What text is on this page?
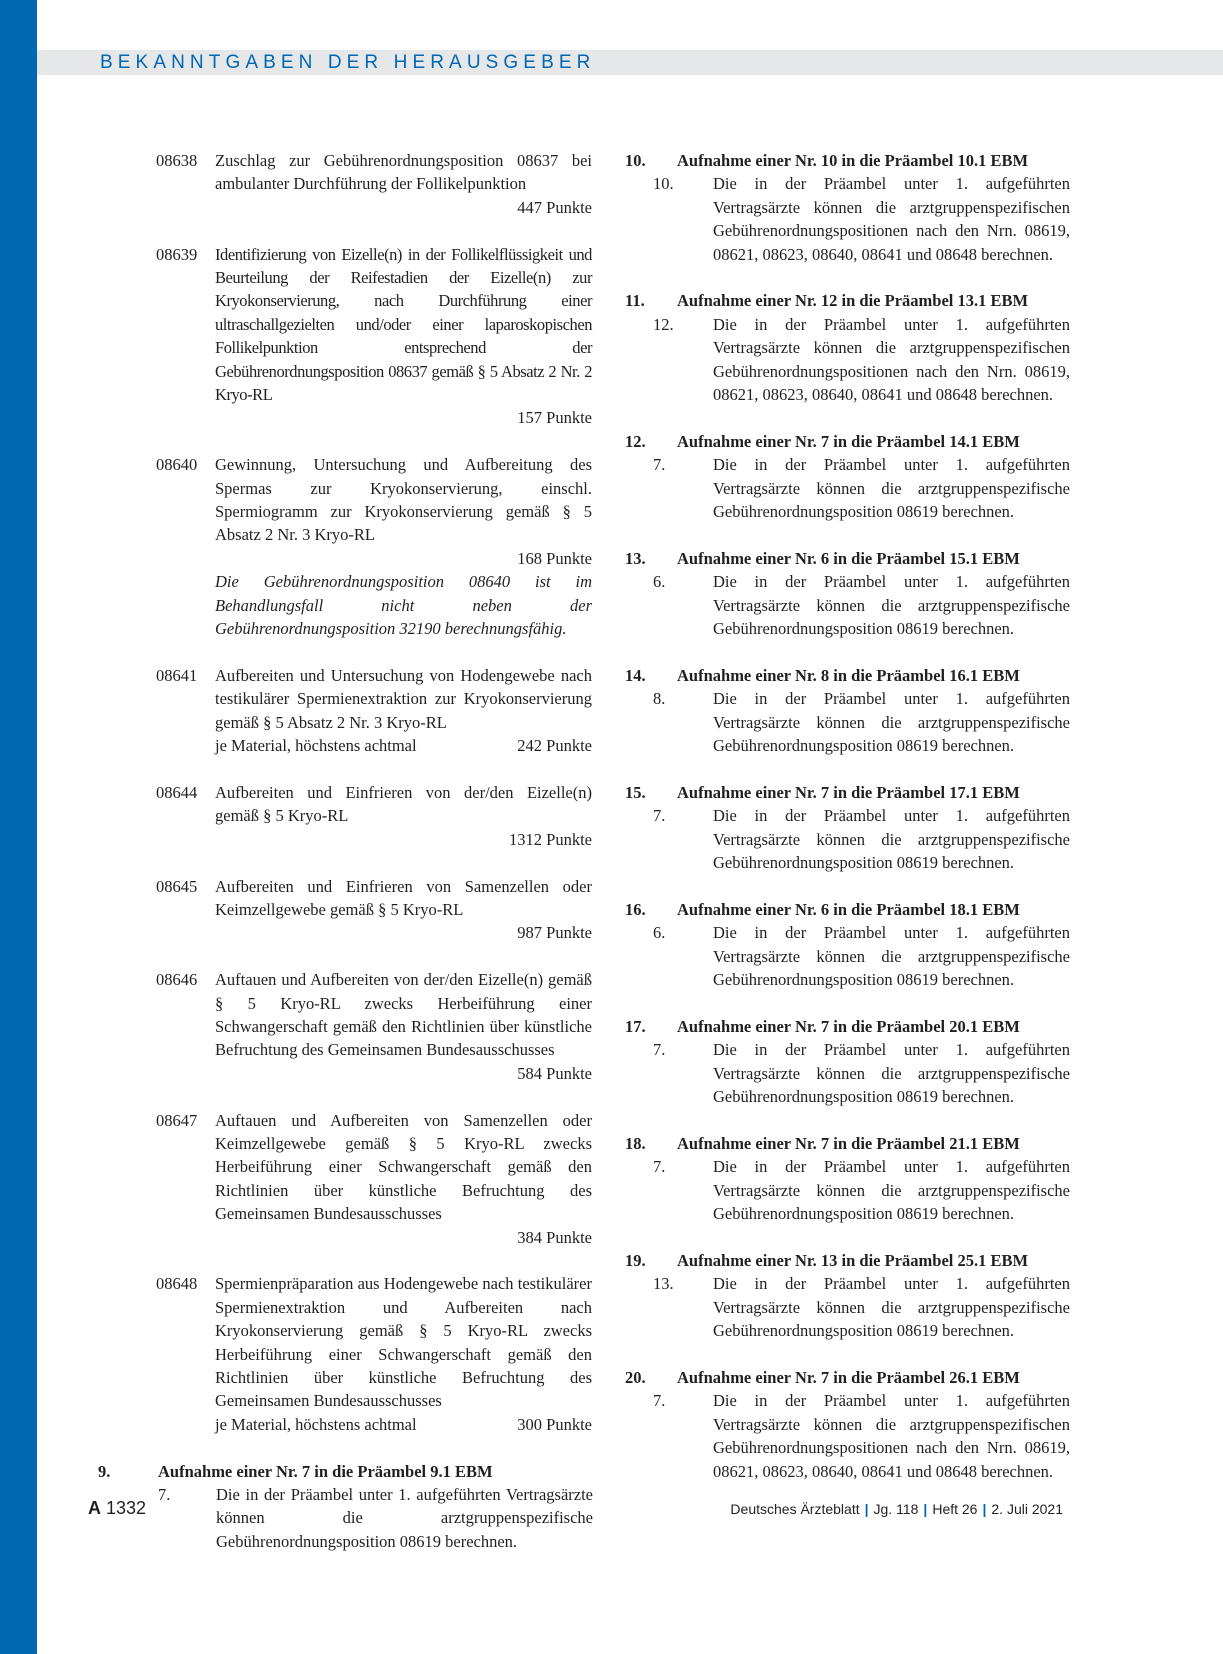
BEKANNTGABEN DER HERAUSGEBER
08638	Zuschlag zur Gebührenordnungsposition 08637 bei ambulanter Durchführung der Follikelpunktion
447 Punkte
08639	Identifizierung von Eizelle(n) in der Follikelflüssigkeit und Beurteilung der Reifestadien der Eizelle(n) zur Kryokonservierung, nach Durchführung einer ultraschallgezielten und/oder einer laparoskopischen Follikelpunktion entsprechend der Gebührenordnungsposition 08637 gemäß § 5 Absatz 2 Nr. 2 Kryo-RL
157 Punkte
08640	Gewinnung, Untersuchung und Aufbereitung des Spermas zur Kryokonservierung, einschl. Spermiogramm zur Kryokonservierung gemäß § 5 Absatz 2 Nr. 3 Kryo-RL
168 Punkte
Die Gebührenordnungsposition 08640 ist im Behandlungsfall nicht neben der Gebührenordnungsposition 32190 berechnungsfähig.
08641	Aufbereiten und Untersuchung von Hodengewebe nach testikulärer Spermienextraktion zur Kryokonservierung gemäß § 5 Absatz 2 Nr. 3 Kryo-RL
je Material, höchstens achtmal	242 Punkte
08644	Aufbereiten und Einfrieren von der/den Eizelle(n) gemäß § 5 Kryo-RL
1312 Punkte
08645	Aufbereiten und Einfrieren von Samenzellen oder Keimzellgewebe gemäß § 5 Kryo-RL
987 Punkte
08646	Auftauen und Aufbereiten von der/den Eizelle(n) gemäß § 5 Kryo-RL zwecks Herbeiführung einer Schwangerschaft gemäß den Richtlinien über künstliche Befruchtung des Gemeinsamen Bundesausschusses
584 Punkte
08647	Auftauen und Aufbereiten von Samenzellen oder Keimzellgewebe gemäß § 5 Kryo-RL zwecks Herbeiführung einer Schwangerschaft gemäß den Richtlinien über künstliche Befruchtung des Gemeinsamen Bundesausschusses
384 Punkte
08648	Spermienpräparation aus Hodengewebe nach testikulärer Spermienextraktion und Aufbereiten nach Kryokonservierung gemäß § 5 Kryo-RL zwecks Herbeiführung einer Schwangerschaft gemäß den Richtlinien über künstliche Befruchtung des Gemeinsamen Bundesausschusses
je Material, höchstens achtmal	300 Punkte
9.	Aufnahme einer Nr. 7 in die Präambel 9.1 EBM
7.	Die in der Präambel unter 1. aufgeführten Vertragsärzte können die arztgruppenspezifische Gebührenordnungsposition 08619 berechnen.
10.	Aufnahme einer Nr. 10 in die Präambel 10.1 EBM
10.	Die in der Präambel unter 1. aufgeführten Vertragsärzte können die arztgruppenspezifischen Gebührenordnungspositionen nach den Nrn. 08619, 08621, 08623, 08640, 08641 und 08648 berechnen.
11.	Aufnahme einer Nr. 12 in die Präambel 13.1 EBM
12.	Die in der Präambel unter 1. aufgeführten Vertragsärzte können die arztgruppenspezifischen Gebührenordnungspositionen nach den Nrn. 08619, 08621, 08623, 08640, 08641 und 08648 berechnen.
12.	Aufnahme einer Nr. 7 in die Präambel 14.1 EBM
7.	Die in der Präambel unter 1. aufgeführten Vertragsärzte können die arztgruppenspezifische Gebührenordnungsposition 08619 berechnen.
13.	Aufnahme einer Nr. 6 in die Präambel 15.1 EBM
6.	Die in der Präambel unter 1. aufgeführten Vertragsärzte können die arztgruppenspezifische Gebührenordnungsposition 08619 berechnen.
14.	Aufnahme einer Nr. 8 in die Präambel 16.1 EBM
8.	Die in der Präambel unter 1. aufgeführten Vertragsärzte können die arztgruppenspezifische Gebührenordnungsposition 08619 berechnen.
15.	Aufnahme einer Nr. 7 in die Präambel 17.1 EBM
7.	Die in der Präambel unter 1. aufgeführten Vertragsärzte können die arztgruppenspezifische Gebührenordnungsposition 08619 berechnen.
16.	Aufnahme einer Nr. 6 in die Präambel 18.1 EBM
6.	Die in der Präambel unter 1. aufgeführten Vertragsärzte können die arztgruppenspezifische Gebührenordnungsposition 08619 berechnen.
17.	Aufnahme einer Nr. 7 in die Präambel 20.1 EBM
7.	Die in der Präambel unter 1. aufgeführten Vertragsärzte können die arztgruppenspezifische Gebührenordnungsposition 08619 berechnen.
18.	Aufnahme einer Nr. 7 in die Präambel 21.1 EBM
7.	Die in der Präambel unter 1. aufgeführten Vertragsärzte können die arztgruppenspezifische Gebührenordnungsposition 08619 berechnen.
19.	Aufnahme einer Nr. 13 in die Präambel 25.1 EBM
13.	Die in der Präambel unter 1. aufgeführten Vertragsärzte können die arztgruppenspezifische Gebührenordnungsposition 08619 berechnen.
20.	Aufnahme einer Nr. 7 in die Präambel 26.1 EBM
7.	Die in der Präambel unter 1. aufgeführten Vertragsärzte können die arztgruppenspezifischen Gebührenordnungspositionen nach den Nrn. 08619, 08621, 08623, 08640, 08641 und 08648 berechnen.
A 1332	Deutsches Ärzteblatt | Jg. 118 | Heft 26 | 2. Juli 2021
